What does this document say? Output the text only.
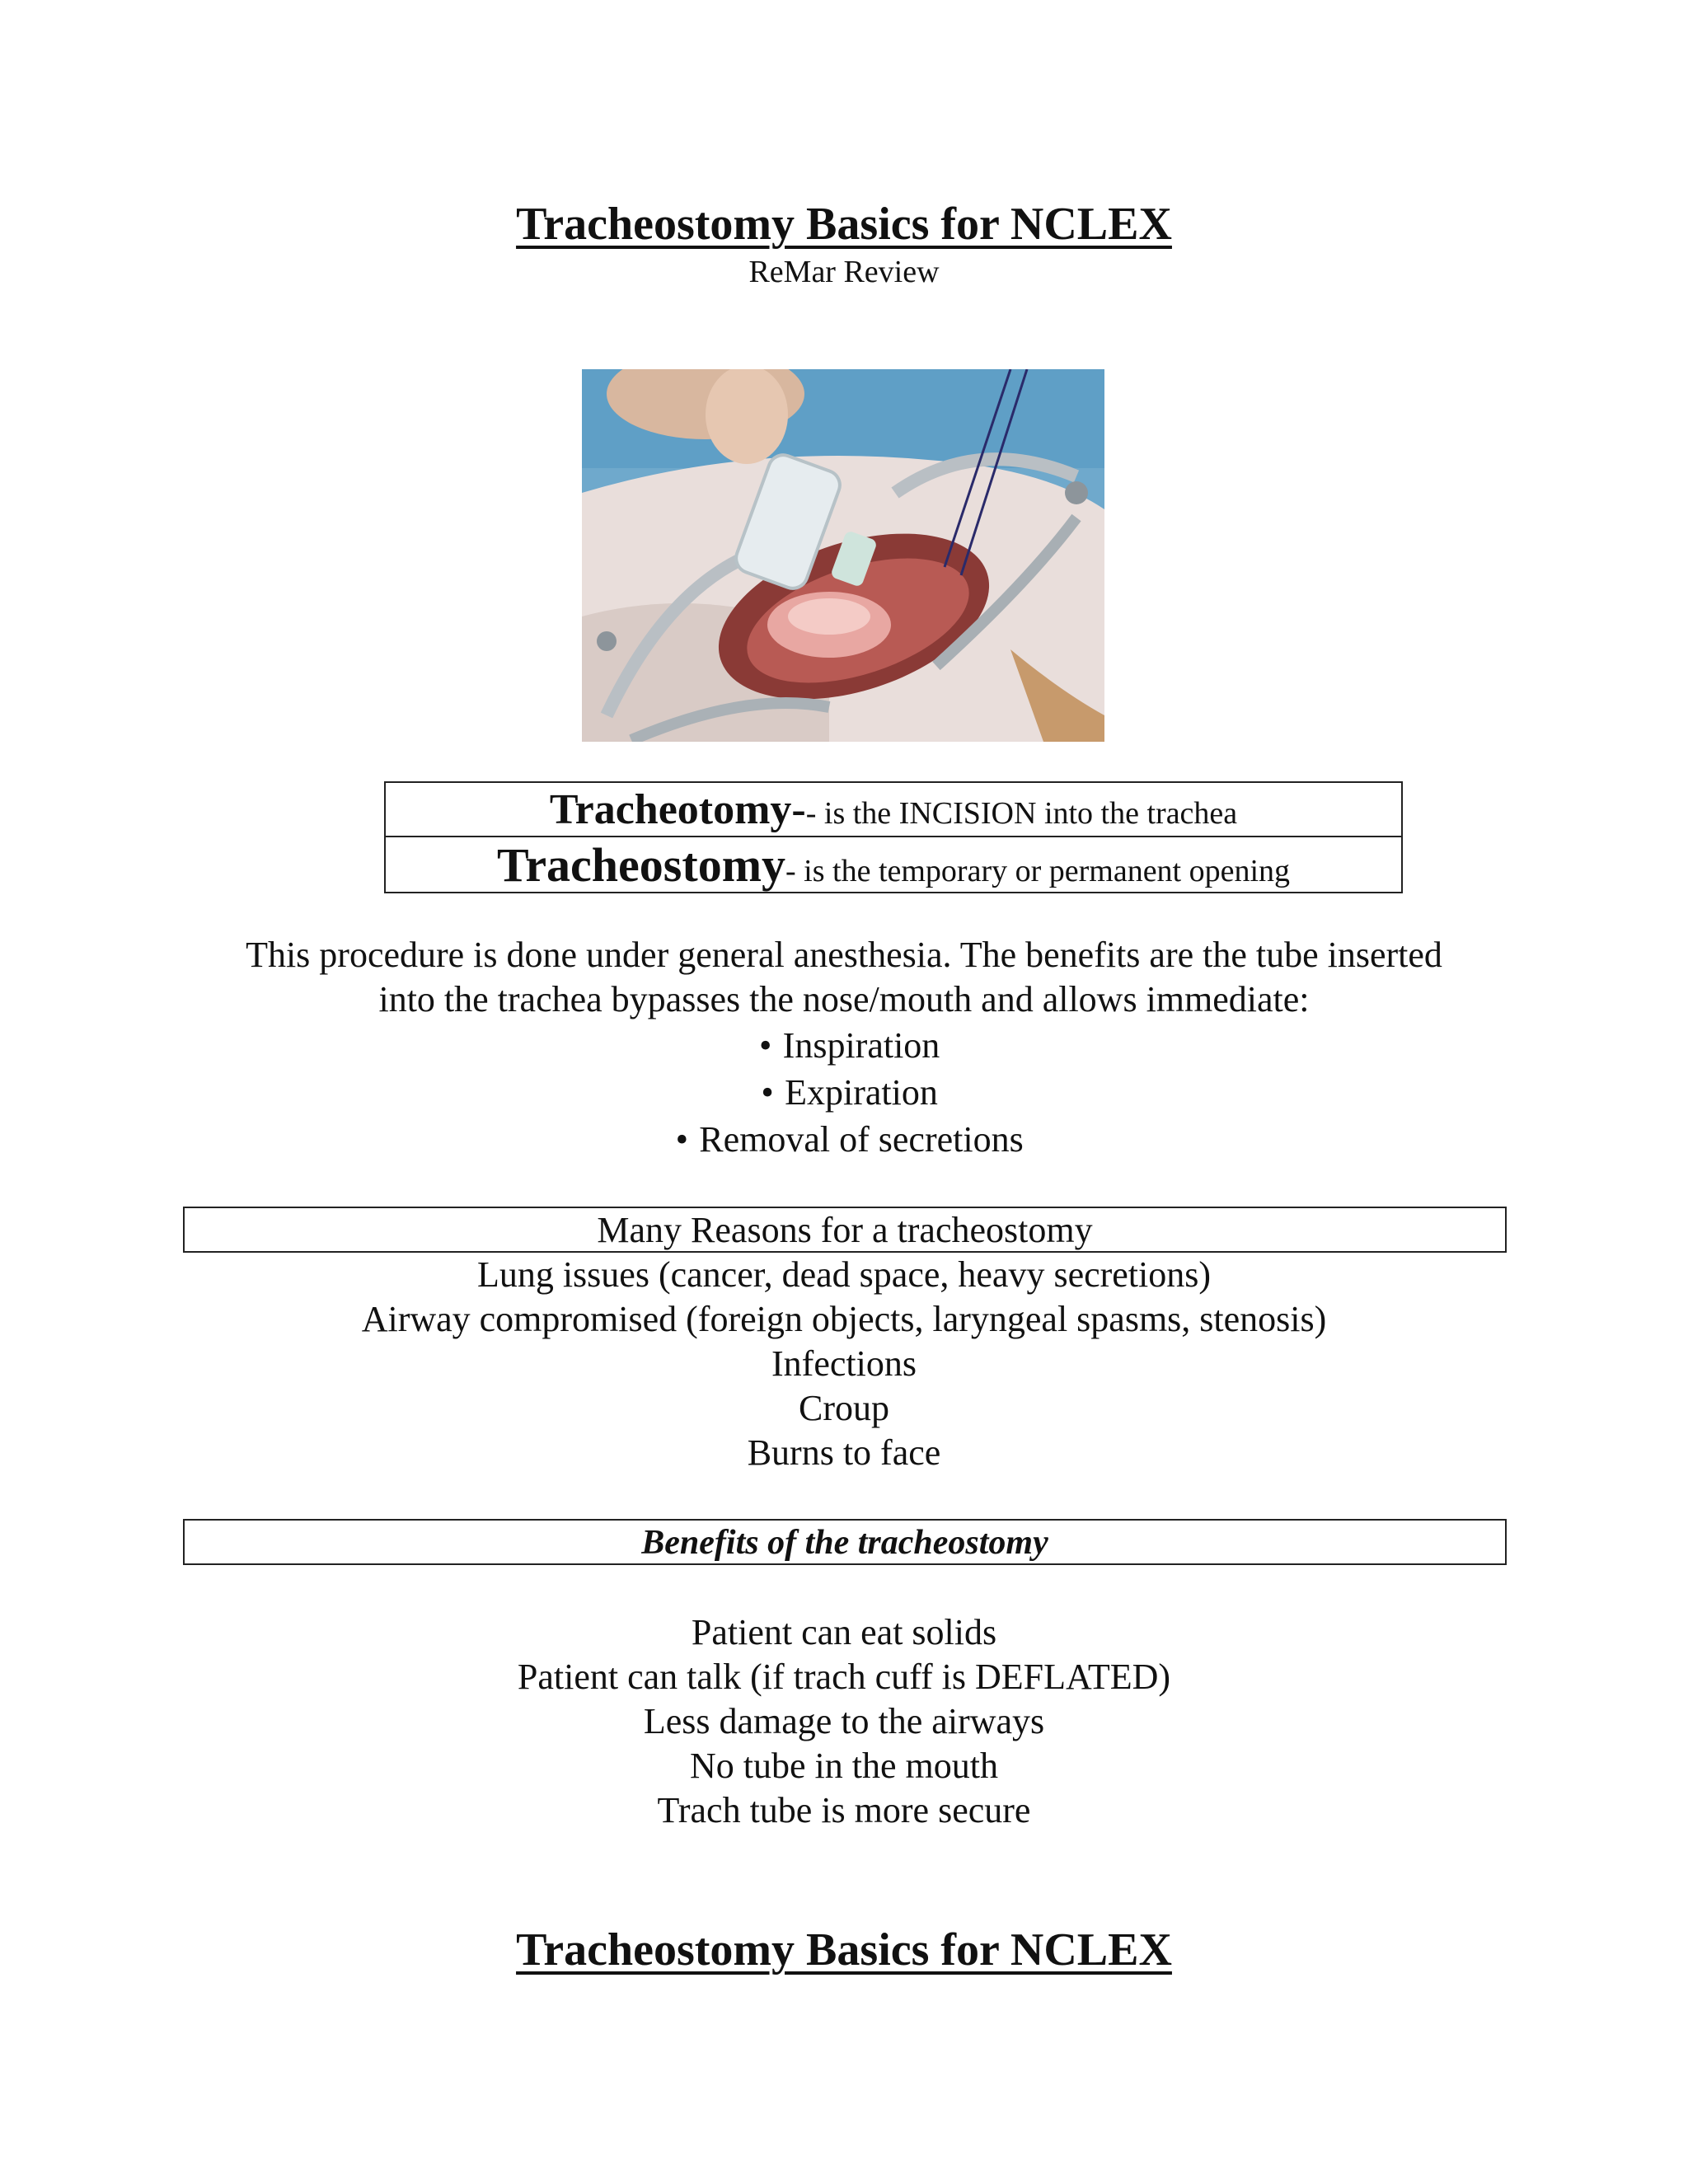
Tracheostomy Basics for NCLEX
ReMar Review
Tracheotomy-- is the INCISION into the trachea
Tracheostomy- is the temporary or permanent opening
This procedure is done under general anesthesia. The benefits are the tube inserted
into the trachea bypasses the nose/mouth and allows immediate:
• Inspiration
• Expiration
• Removal of secretions
Many Reasons for a tracheostomy
Lung issues (cancer, dead space, heavy secretions)
Airway compromised (foreign objects, laryngeal spasms, stenosis)
Infections
Croup
Burns to face
Benefits of the tracheostomy
Patient can eat solids
Patient can talk (if trach cuff is DEFLATED)
Less damage to the airways
No tube in the mouth
Trach tube is more secure
Tracheostomy Basics for NCLEX
